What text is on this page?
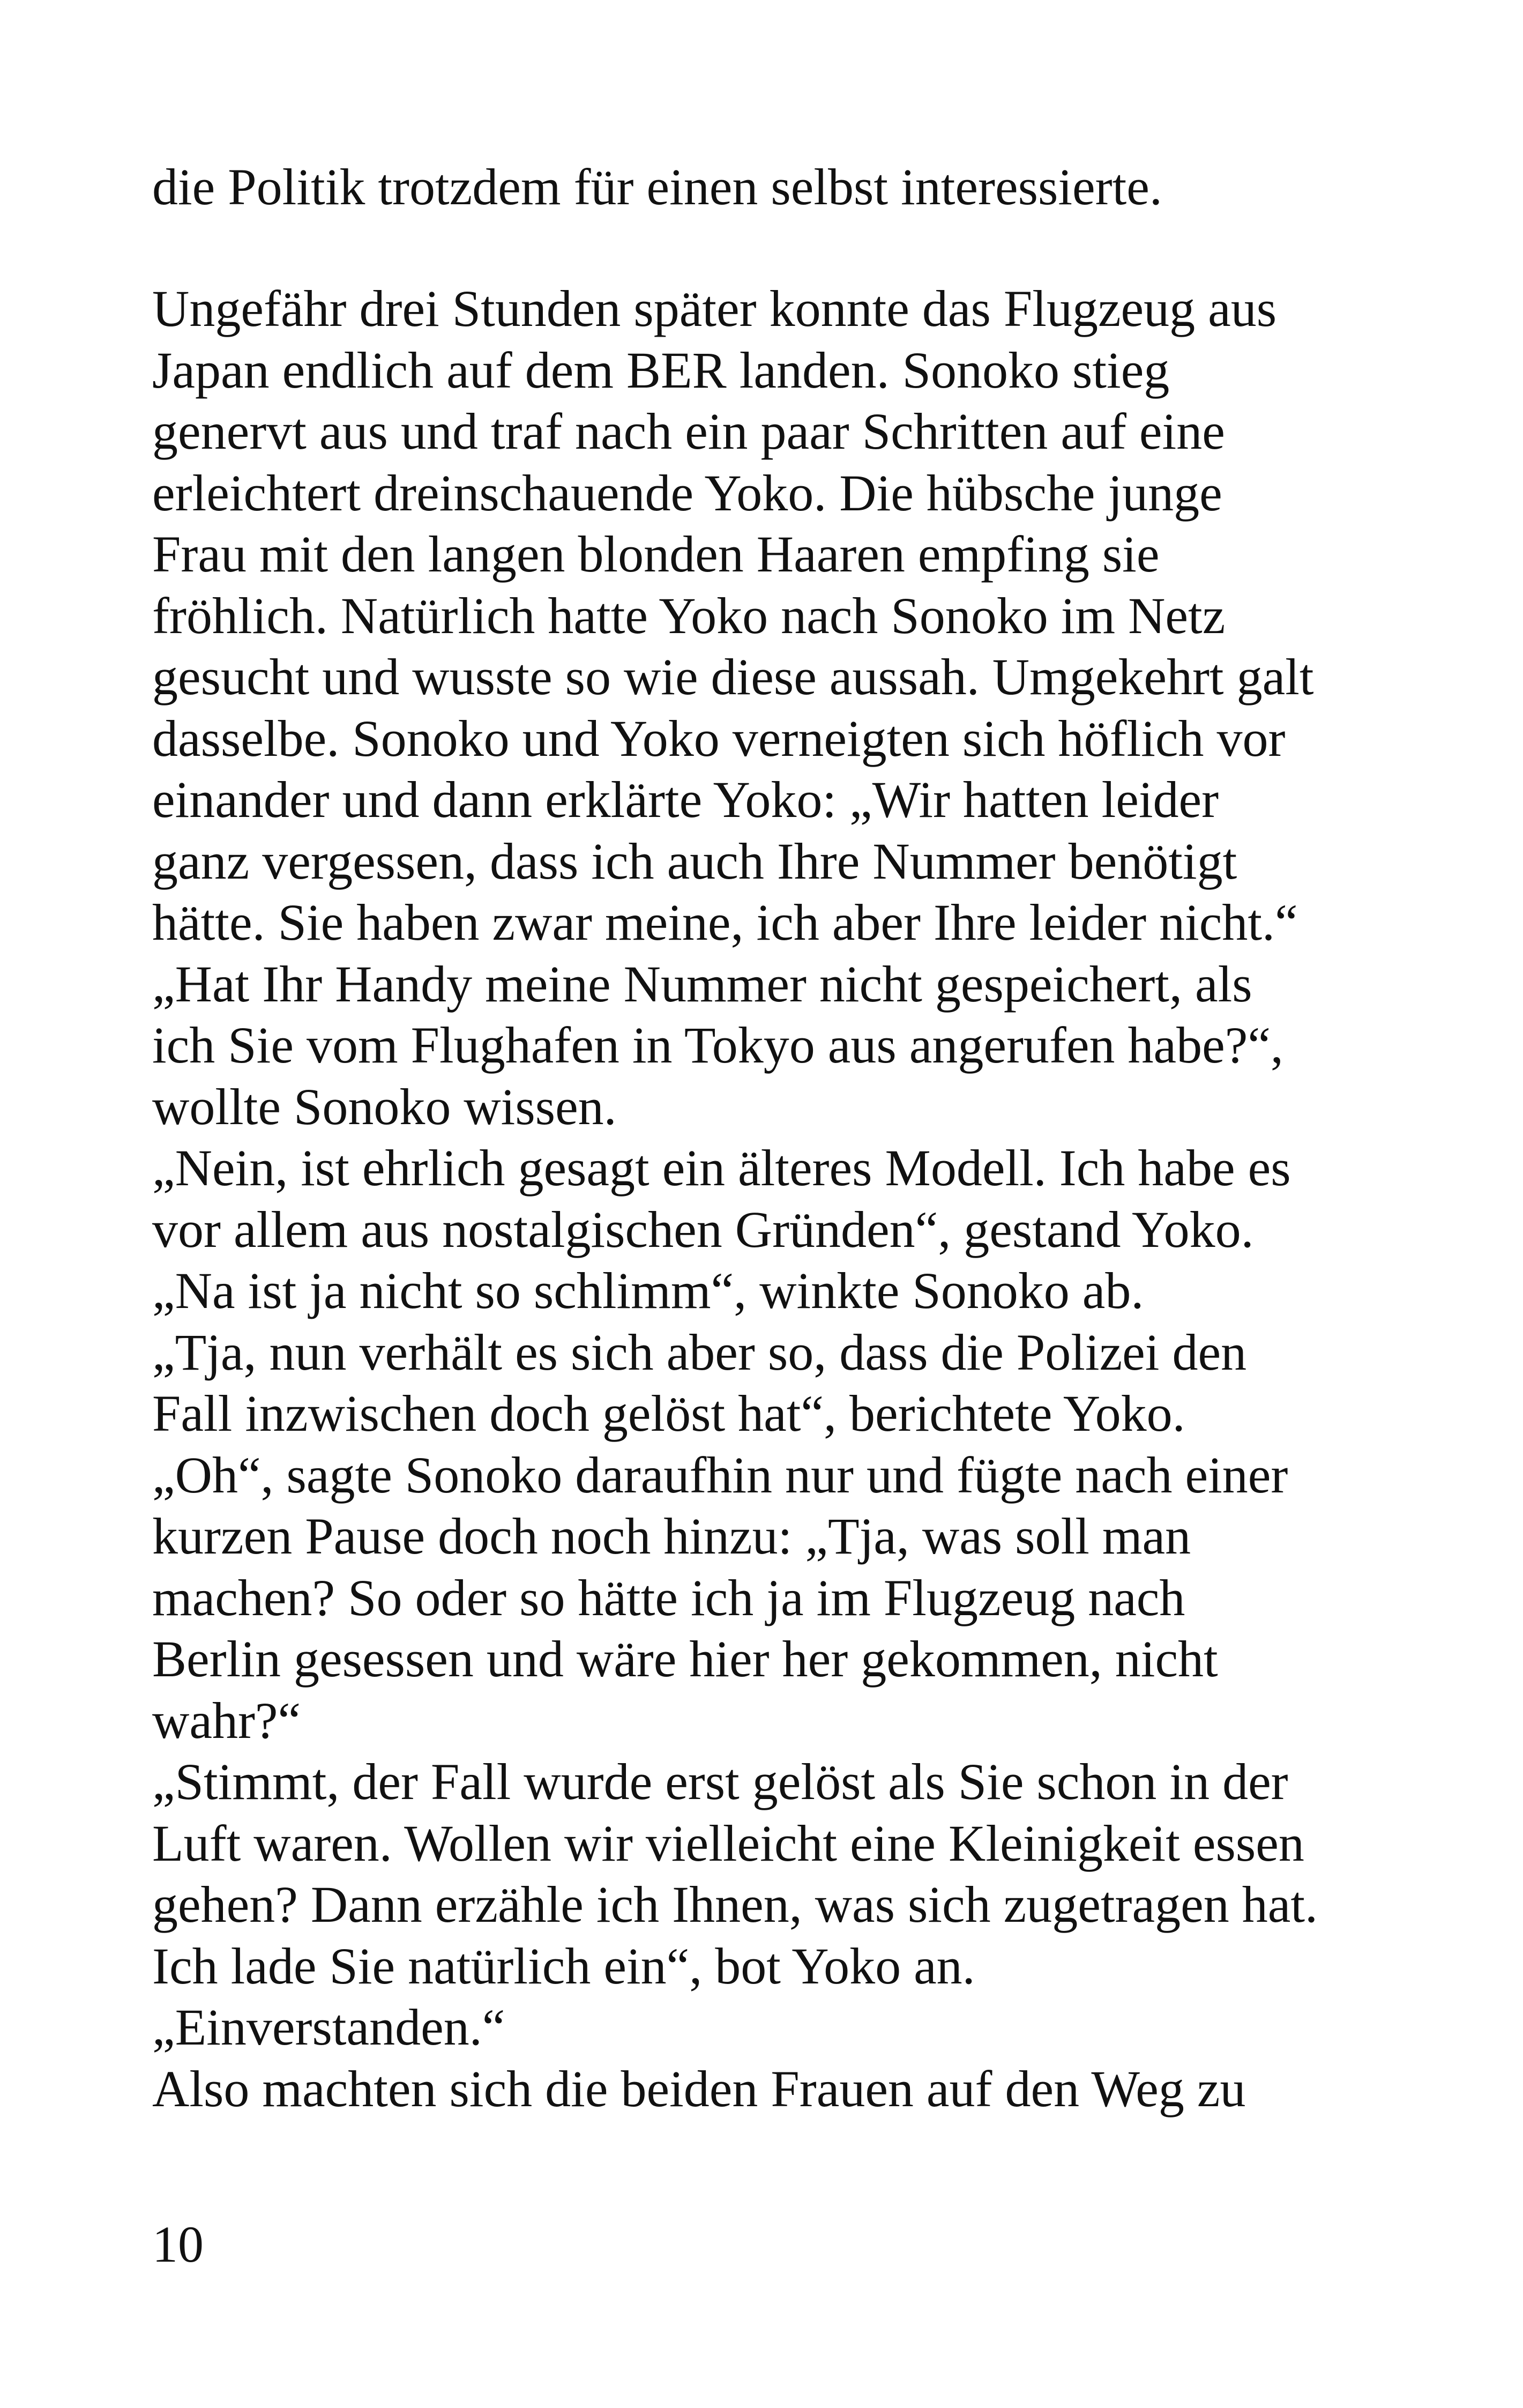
die Politik trotzdem für einen selbst interessierte.
Ungefähr drei Stunden später konnte das Flugzeug aus
Japan endlich auf dem BER landen. Sonoko stieg
genervt aus und traf nach ein paar Schritten auf eine
erleichtert dreinschauende Yoko. Die hübsche junge
Frau mit den langen blonden Haaren empfing sie
fröhlich. Natürlich hatte Yoko nach Sonoko im Netz
gesucht und wusste so wie diese aussah. Umgekehrt galt
dasselbe. Sonoko und Yoko verneigten sich höflich vor
einander und dann erklärte Yoko: „Wir hatten leider
ganz vergessen, dass ich auch Ihre Nummer benötigt
hätte. Sie haben zwar meine, ich aber Ihre leider nicht.“
„Hat Ihr Handy meine Nummer nicht gespeichert, als
ich Sie vom Flughafen in Tokyo aus angerufen habe?“,
wollte Sonoko wissen.
„Nein, ist ehrlich gesagt ein älteres Modell. Ich habe es
vor allem aus nostalgischen Gründen“, gestand Yoko.
„Na ist ja nicht so schlimm“, winkte Sonoko ab.
„Tja, nun verhält es sich aber so, dass die Polizei den
Fall inzwischen doch gelöst hat“, berichtete Yoko.
„Oh“, sagte Sonoko daraufhin nur und fügte nach einer
kurzen Pause doch noch hinzu: „Tja, was soll man
machen? So oder so hätte ich ja im Flugzeug nach
Berlin gesessen und wäre hier her gekommen, nicht
wahr?“
„Stimmt, der Fall wurde erst gelöst als Sie schon in der
Luft waren. Wollen wir vielleicht eine Kleinigkeit essen
gehen? Dann erzähle ich Ihnen, was sich zugetragen hat.
Ich lade Sie natürlich ein“, bot Yoko an.
„Einverstanden.“
Also machten sich die beiden Frauen auf den Weg zu
10
